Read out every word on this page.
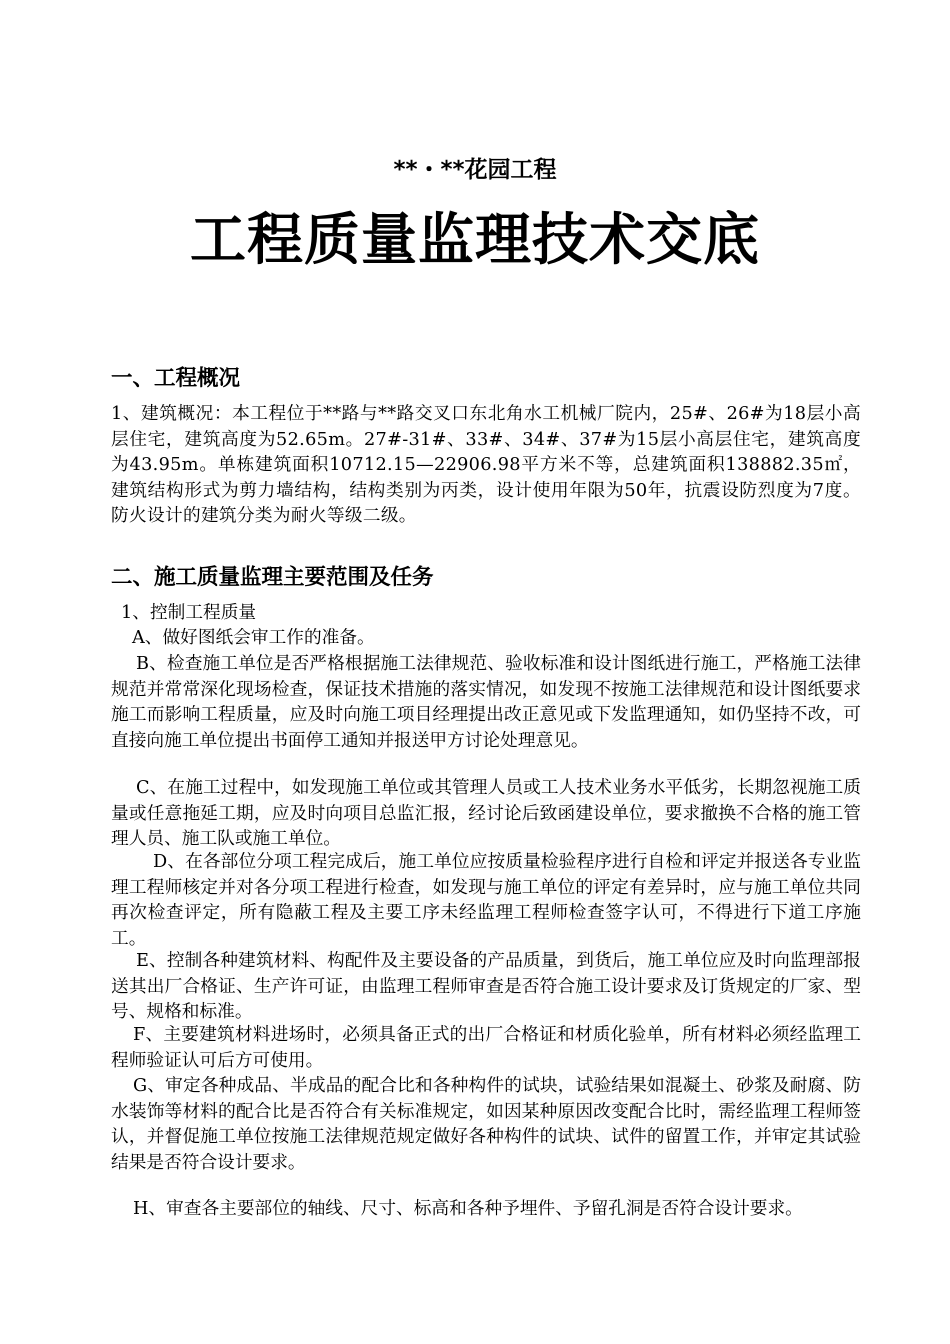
**・**花园工程
工程质量监理技术交底
一、工程概况
1、建筑概况：本工程位于**路与**路交叉口东北角水工机械厂院内，25#、26#为18层小高层住宅，建筑高度为52.65m。27#-31#、33#、34#、37#为15层小高层住宅，建筑高度为43.95m。单栋建筑面积10712.15—22906.98平方米不等，总建筑面积138882.35㎡，建筑结构形式为剪力墙结构，结构类别为丙类，设计使用年限为50年，抗震设防烈度为7度。防火设计的建筑分类为耐火等级二级。
二、施工质量监理主要范围及任务
1、控制工程质量
A、做好图纸会审工作的准备。
B、检查施工单位是否严格根据施工法律规范、验收标准和设计图纸进行施工，严格施工法律规范并常常深化现场检查，保证技术措施的落实情况，如发现不按施工法律规范和设计图纸要求施工而影响工程质量，应及时向施工项目经理提出改正意见或下发监理通知，如仍坚持不改，可直接向施工单位提出书面停工通知并报送甲方讨论处理意见。
C、在施工过程中，如发现施工单位或其管理人员或工人技术业务水平低劣，长期忽视施工质量或任意拖延工期，应及时向项目总监汇报，经讨论后致函建设单位，要求撤换不合格的施工管理人员、施工队或施工单位。
D、在各部位分项工程完成后，施工单位应按质量检验程序进行自检和评定并报送各专业监理工程师核定并对各分项工程进行检查，如发现与施工单位的评定有差异时，应与施工单位共同再次检查评定，所有隐蔽工程及主要工序未经监理工程师检查签字认可，不得进行下道工序施工。
E、控制各种建筑材料、构配件及主要设备的产品质量，到货后，施工单位应及时向监理部报送其出厂合格证、生产许可证，由监理工程师审查是否符合施工设计要求及订货规定的厂家、型号、规格和标准。
F、主要建筑材料进场时，必须具备正式的出厂合格证和材质化验单，所有材料必须经监理工程师验证认可后方可使用。
G、审定各种成品、半成品的配合比和各种构件的试块，试验结果如混凝土、砂浆及耐腐、防水装饰等材料的配合比是否符合有关标准规定，如因某种原因改变配合比时，需经监理工程师签认，并督促施工单位按施工法律规范规定做好各种构件的试块、试件的留置工作，并审定其试验结果是否符合设计要求。
H、审查各主要部位的轴线、尺寸、标高和各种予埋件、予留孔洞是否符合设计要求。
